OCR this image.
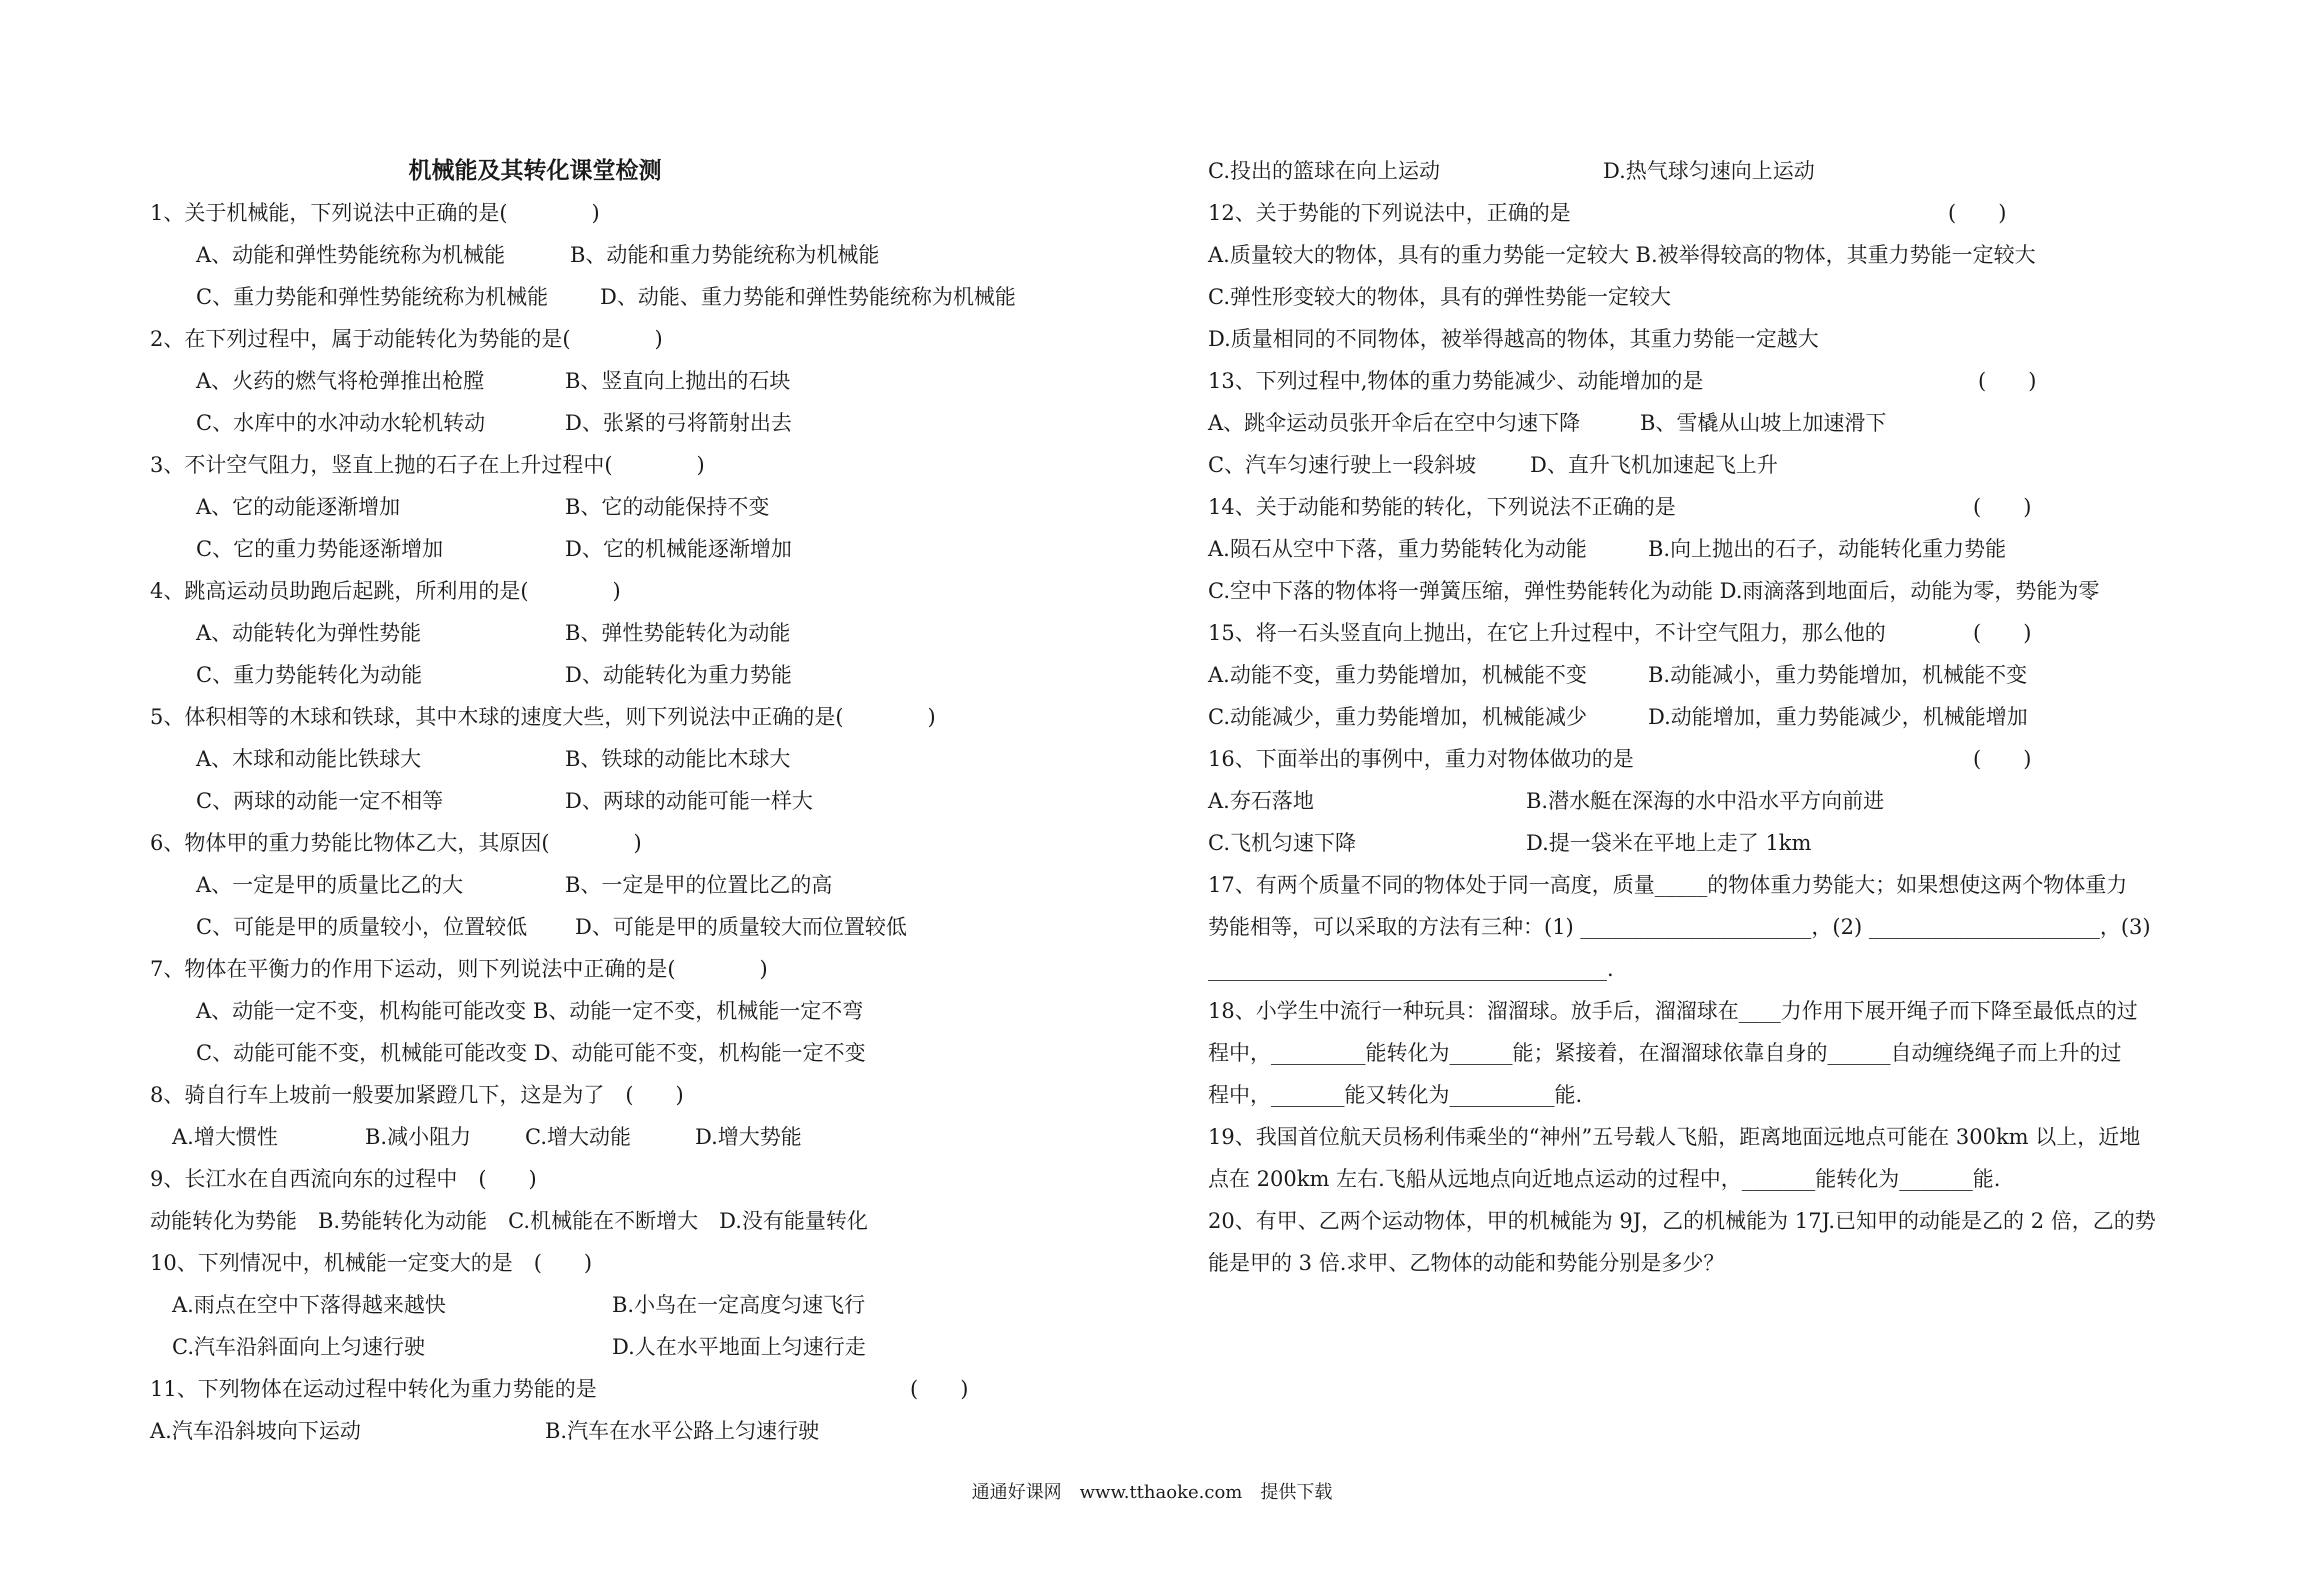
机械能及其转化课堂检测
1、关于机械能，下列说法中正确的是(　　　　)
A、动能和弹性势能统称为机械能	B、动能和重力势能统称为机械能
C、重力势能和弹性势能统称为机械能 D、动能、重力势能和弹性势能统称为机械能
2、在下列过程中，属于动能转化为势能的是(　　　　)
A、火药的燃气将枪弹推出枪膛	B、竖直向上抛出的石块
C、水库中的水冲动水轮机转动	D、张紧的弓将箭射出去
3、不计空气阻力，竖直上抛的石子在上升过程中(　　　　)
A、它的动能逐渐增加	B、它的动能保持不变
C、它的重力势能逐渐增加	D、它的机械能逐渐增加
4、跳高运动员助跑后起跳，所利用的是(　　　　)
A、动能转化为弹性势能	B、弹性势能转化为动能
C、重力势能转化为动能	D、动能转化为重力势能
5、体积相等的木球和铁球，其中木球的速度大些，则下列说法中正确的是(　　　　)
A、木球和动能比铁球大	B、铁球的动能比木球大
C、两球的动能一定不相等	D、两球的动能可能一样大
6、物体甲的重力势能比物体乙大，其原因(　　　　)
A、一定是甲的质量比乙的大	B、一定是甲的位置比乙的高
C、可能是甲的质量较小，位置较低 D、可能是甲的质量较大而位置较低
7、物体在平衡力的作用下运动，则下列说法中正确的是(　　　　)
A、动能一定不变，机构能可能改变 B、动能一定不变，机械能一定不弯
C、动能可能不变，机械能可能改变 D、动能可能不变，机构能一定不变
8、骑自行车上坡前一般要加紧蹬几下，这是为了　(　　)
A.增大惯性	B.减小阻力	C.增大动能	D.增大势能
9、长江水在自西流向东的过程中　(　　)
动能转化为势能　B.势能转化为动能　C.机械能在不断增大　D.没有能量转化
10、下列情况中，机械能一定变大的是　(　　)
A.雨点在空中下落得越来越快	B.小鸟在一定高度匀速飞行
C.汽车沿斜面向上匀速行驶	D.人在水平地面上匀速行走
11、下列物体在运动过程中转化为重力势能的是	(　　)
A.汽车沿斜坡向下运动	B.汽车在水平公路上匀速行驶
C.投出的篮球在向上运动	D.热气球匀速向上运动
12、关于势能的下列说法中，正确的是	(　　)
A.质量较大的物体，具有的重力势能一定较大 B.被举得较高的物体，其重力势能一定较大
C.弹性形变较大的物体，具有的弹性势能一定较大
D.质量相同的不同物体，被举得越高的物体，其重力势能一定越大
13、下列过程中,物体的重力势能减少、动能增加的是	(　　)
A、跳伞运动员张开伞后在空中匀速下降	B、雪橇从山坡上加速滑下
C、汽车匀速行驶上一段斜坡	D、直升飞机加速起飞上升
14、关于动能和势能的转化，下列说法不正确的是	(　　)
A.陨石从空中下落，重力势能转化为动能	B.向上抛出的石子，动能转化重力势能
C.空中下落的物体将一弹簧压缩，弹性势能转化为动能 D.雨滴落到地面后，动能为零，势能为零
15、将一石头竖直向上抛出，在它上升过程中，不计空气阻力，那么他的	(　　)
A.动能不变，重力势能增加，机械能不变	B.动能减小，重力势能增加，机械能不变
C.动能减少，重力势能增加，机械能减少	D.动能增加，重力势能减少，机械能增加
16、下面举出的事例中，重力对物体做功的是	(　　)
A.夯石落地	B.潜水艇在深海的水中沿水平方向前进
C.飞机匀速下降	D.提一袋米在平地上走了 1km
17、有两个质量不同的物体处于同一高度，质量_____的物体重力势能大；如果想使这两个物体重力
势能相等，可以采取的方法有三种：(1) ______________________，(2) ______________________，(3)
______________________________________.
18、小学生中流行一种玩具：溜溜球。放手后，溜溜球在____力作用下展开绳子而下降至最低点的过
程中，_________能转化为______能；紧接着，在溜溜球依靠自身的______自动缠绕绳子而上升的过
程中，_______能又转化为__________能.
19、我国首位航天员杨利伟乘坐的“神州”五号载人飞船，距离地面远地点可能在 300km 以上，近地
点在 200km 左右.飞船从远地点向近地点运动的过程中，_______能转化为_______能.
20、有甲、乙两个运动物体，甲的机械能为 9J，乙的机械能为 17J.已知甲的动能是乙的 2 倍，乙的势
能是甲的 3 倍.求甲、乙物体的动能和势能分别是多少？
通通好课网　www.tthaoke.com　提供下载
